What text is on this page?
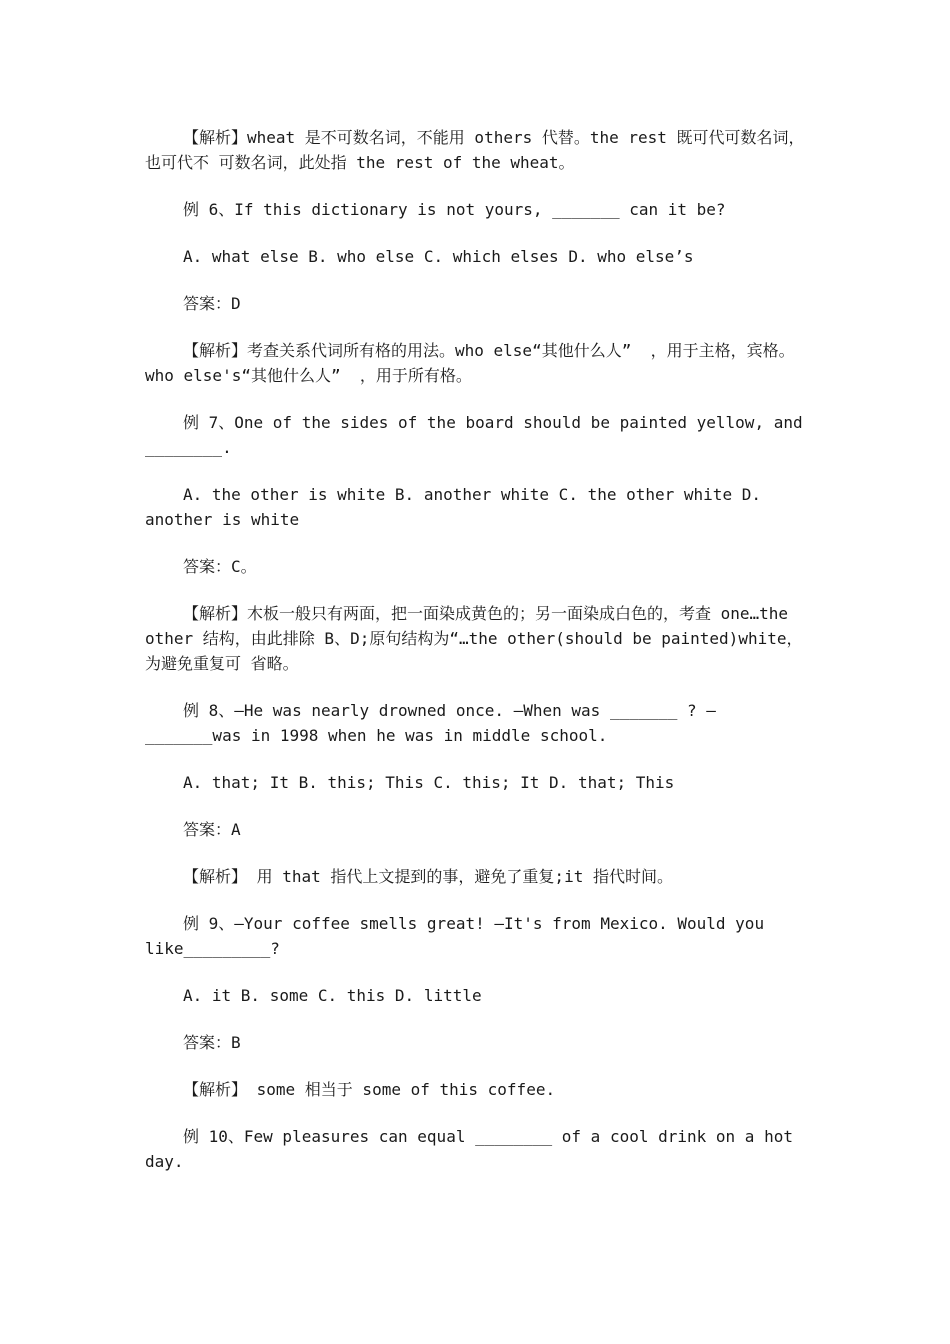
【解析】wheat 是不可数名词，不能用 others 代替。the rest 既可代可数名词，也可代不 可数名词，此处指 the rest of the wheat。

例 6、If this dictionary is not yours, _______ can it be?

A. what else B. who else C. which elses D. who else’s

答案：D

【解析】考查关系代词所有格的用法。who else“其他什么人”  ，用于主格，宾格。who else's“其他什么人”  ，用于所有格。

例 7、One of the sides of the board should be painted yellow, and ________.

A. the other is white B. another white C. the other white D. another is white

答案：C。

【解析】木板一般只有两面，把一面染成黄色的；另一面染成白色的，考查 one…the other 结构，由此排除 B、D;原句结构为“…the other(should be painted)white，为避免重复可 省略。

例 8、—He was nearly drowned once. —When was _______ ? —_______was in 1998 when he was in middle school.

A. that; It B. this; This C. this; It D. that; This

答案：A

【解析】 用 that 指代上文提到的事，避免了重复;it 指代时间。

例 9、—Your coffee smells great! —It's from Mexico. Would you like_________?

A. it B. some C. this D. little

答案：B

【解析】 some 相当于 some of this coffee.

例 10、Few pleasures can equal ________ of a cool drink on a hot day.
